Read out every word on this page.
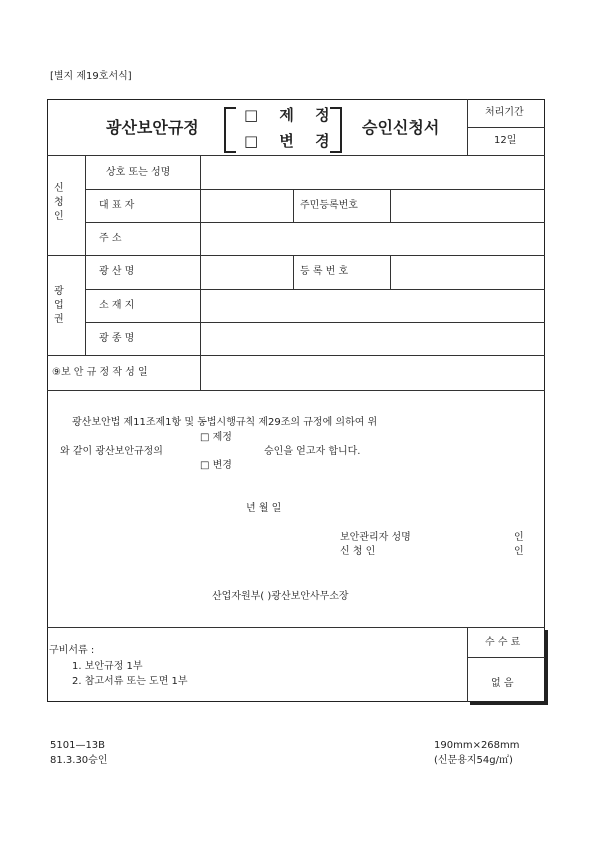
[별지 제19호서식]
광산보안규정
□ 제 정
□ 변 경
승인신청서
처리기간
12일
신
청
인
상호 또는 성명
대 표 자	주민등록번호
주 소
광
업
권
광 산 명	등 록 번 호
소 재 지
광 종 명
⑨보 안 규 정 작 성 일
광산보안법 제11조제1항 및 동법시행규칙 제29조의 규정에 의하여 위
□ 제정
와 같이 광산보안규정의	승인을 얻고자 합니다.
□ 변경
년 월 일
보안관리자 성명	인
신 청 인	인
산업자원부( )광산보안사무소장
구비서류 :
1. 보안규정 1부
2. 참고서류 또는 도면 1부
수 수 료
없 음
5101—13B
81.3.30승인
190mm×268mm
(신문용지54g/㎡)
